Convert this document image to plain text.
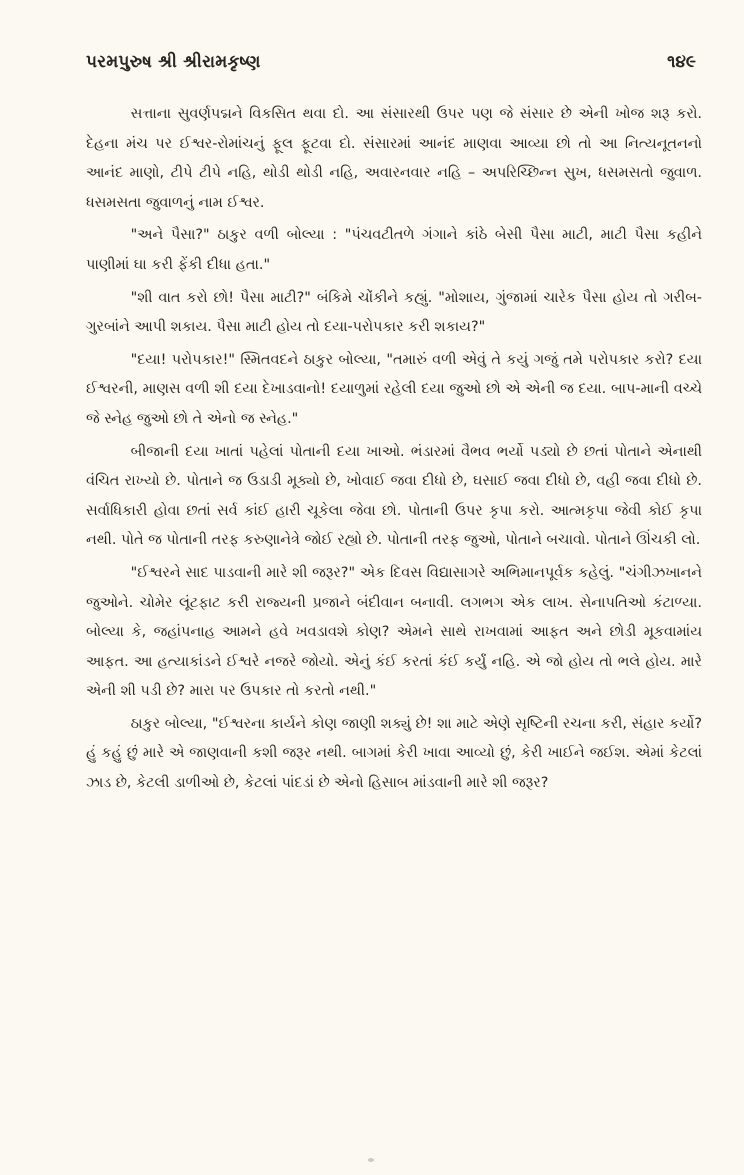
પરમપુરુષ શ્રી શ્રીરામકૃષ્ણ	૧૪૯

સત્તાના સુવર્ણપદ્મને વિકસિત થવા દો. આ સંસારથી ઉપર પણ જે સંસાર છે એની ખોજ શરૂ કરો. દેહના મંચ પર ઈશ્વર-રોમાંચનું ફૂલ ફૂટવા દો. સંસારમાં આનંદ માણવા આવ્યા છો તો આ નિત્યનૂતનનો આનંદ માણો, ટીપે ટીપે નહિ, થોડી થોડી નહિ, અવારનવાર નહિ – અપરિચ્છિન્ન સુખ, ધસમસતો જુવાળ. ધસમસતા જુવાળનું નામ ઈશ્વર.

"અને પૈસા?" ઠાકુર વળી બોલ્યા : "પંચવટીતળે ગંગાને કાંઠે બેસી પૈસા માટી, માટી પૈસા કહીને પાણીમાં ઘા કરી ફેંકી દીધા હતા."

"શી વાત કરો છો! પૈસા માટી?" બંકિમે ચોંકીને કહ્યું. "મોશાય, ગુંજામાં ચારેક પૈસા હોય તો ગરીબ-ગુરબાંને આપી શકાય. પૈસા માટી હોય તો દયા-પરોપકાર કરી શકાય?"

"દયા! પરોપકાર!" સ્મિતવદને ઠાકુર બોલ્યા, "તમારું વળી એવું તે કયું ગજું તમે પરોપકાર કરો? દયા ઈશ્વરની, માણસ વળી શી દયા દેખાડવાનો! દયાળુમાં રહેલી દયા જુઓ છો એ એની જ દયા. બાપ-માની વચ્ચે જે સ્નેહ જુઓ છો તે એનો જ સ્નેહ."

બીજાની દયા ખાતાં પહેલાં પોતાની દયા ખાઓ. ભંડારમાં વૈભવ ભર્યો પડ્યો છે છતાં પોતાને એનાથી વંચિત રાખ્યો છે. પોતાને જ ઉડાડી મૂક્યો છે, ખોવાઈ જવા દીધો છે, ઘસાઈ જવા દીધો છે, વહી જવા દીધો છે. સર્વાધિકારી હોવા છતાં સર્વ કાંઈ હારી ચૂકેલા જેવા છો. પોતાની ઉપર કૃપા કરો. આત્મકૃપા જેવી કોઈ કૃપા નથી. પોતે જ પોતાની તરફ કરુણાનેત્રે જોઈ રહ્યો છે. પોતાની તરફ જુઓ, પોતાને બચાવો. પોતાને ઊંચકી લો.

"ઈશ્વરને સાદ પાડવાની મારે શી જરૂર?" એક દિવસ વિદ્યાસાગરે અભિમાનપૂર્વક કહેલું. "ચંગીઝખાનને જુઓને. ચોમેર લૂંટફાટ કરી રાજ્યની પ્રજાને બંદીવાન બનાવી. લગભગ એક લાખ. સેનાપતિઓ કંટાળ્યા. બોલ્યા કે, જહાંપનાહ આમને હવે ખવડાવશે કોણ? એમને સાથે રાખવામાં આફત અને છોડી મૂકવામાંય આફત. આ હત્યાકાંડને ઈશ્વરે નજરે જોયો. એનું કંઈ કરતાં કંઈ કર્યું નહિ. એ જો હોય તો ભલે હોય. મારે એની શી પડી છે? મારા પર ઉપકાર તો કરતો નથી."

ઠાકુર બોલ્યા, "ઈશ્વરના કાર્યને કોણ જાણી શક્યું છે! શા માટે એણે સૃષ્ટિની રચના કરી, સંહાર કર્યો? હું કહું છું મારે એ જાણવાની કશી જરૂર નથી. બાગમાં કેરી ખાવા આવ્યો છું, કેરી ખાઈને જઈશ. એમાં કેટલાં ઝાડ છે, કેટલી ડાળીઓ છે, કેટલાં પાંદડાં છે એનો હિસાબ માંડવાની મારે શી જરૂર?
